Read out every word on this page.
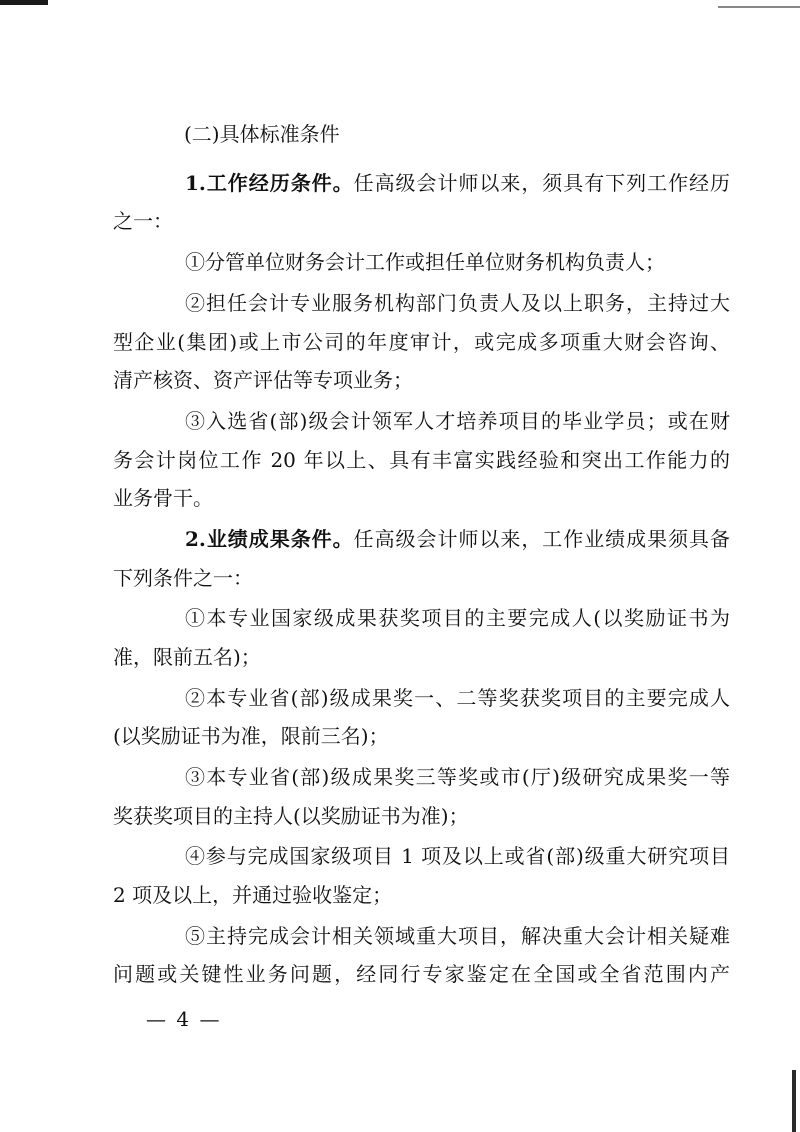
(二)具体标准条件

1.工作经历条件。任高级会计师以来，须具有下列工作经历

之一：

①分管单位财务会计工作或担任单位财务机构负责人；

②担任会计专业服务机构部门负责人及以上职务，主持过大

型企业(集团)或上市公司的年度审计，或完成多项重大财会咨询、

清产核资、资产评估等专项业务；

③入选省(部)级会计领军人才培养项目的毕业学员；或在财

务会计岗位工作 20 年以上、具有丰富实践经验和突出工作能力的

业务骨干。

2.业绩成果条件。任高级会计师以来，工作业绩成果须具备

下列条件之一：

①本专业国家级成果获奖项目的主要完成人(以奖励证书为

准，限前五名)；

②本专业省(部)级成果奖一、二等奖获奖项目的主要完成人

(以奖励证书为准，限前三名)；

③本专业省(部)级成果奖三等奖或市(厅)级研究成果奖一等

奖获奖项目的主持人(以奖励证书为准)；

④参与完成国家级项目 1 项及以上或省(部)级重大研究项目

2 项及以上，并通过验收鉴定；

⑤主持完成会计相关领域重大项目，解决重大会计相关疑难

问题或关键性业务问题，经同行专家鉴定在全国或全省范围内产

— 4 —
